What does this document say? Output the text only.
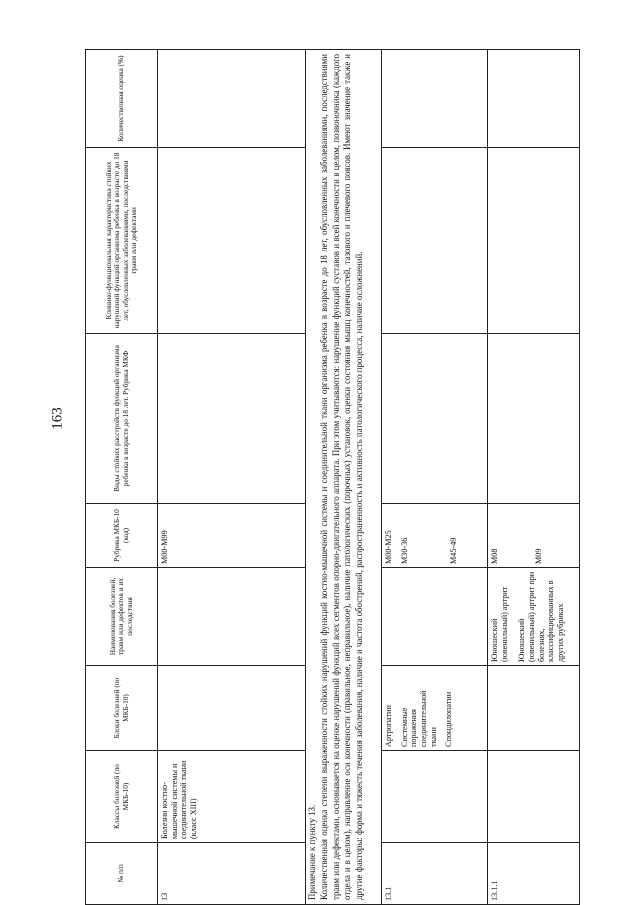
163
№ п/п	Классы болезней (по МКБ-10)	Блоки болезней (по МКБ-10)	Наименования болезней, травм или дефектов и их последствия	Рубрика МКБ-10 (код)	Виды стойких расстройств функций организма ребенка в возрасте до 18 лет. Рубрика МКФ	Клинико-функциональная характеристика стойких нарушений функций организма ребенка в возрасте до 18 лет, обусловленных заболеваниями, последствиями травм или дефектами	Количественная оценка (%)
13	Болезни костно-мышечной системы и соединительной ткани (класс XIII)			M00-M99			

Примечание к пункту 13. Количественная оценка степени выраженности стойких нарушений функций костно-мышечной системы и соединительной ткани организма ребенка в возрасте до 18 лет, обусловленных заболеваниями, последствиями травм или дефектами, основывается на оценке нарушений функций всех сегментов опорно-двигательного аппарата. При этом учитываются: нарушение функций суставов и всей конечности в целом, позвоночника (каждого отдела и в целом), направление оси конечности (правильное, неправильное), наличие патологических (порочных) установок, оценки состояния мышц конечностей, тазового и плечевого поясов. Имеют значение также и другие факторы: форма и тяжесть течения заболевания, наличие и частота обострений, распространенность и активность патологического процесса, наличие осложнений.							
13.1		Артропатии Системные поражения соединительной ткани Спондилопатии		M00-M25 M30-36 M45-49			

13.1.1			Юношеский (ювенильный) артрит Юношеский (ювенильный) артрит при болезнях, классифицированных в других рубриках	M08 M09			
